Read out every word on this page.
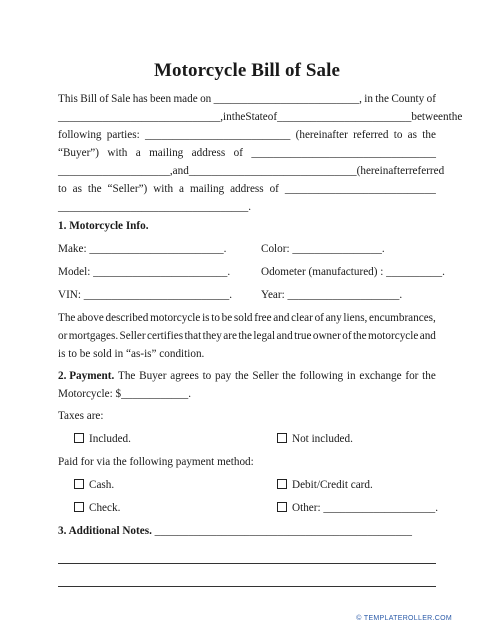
Motorcycle Bill of Sale
This Bill of Sale has been made on __________________________, in the County of
_____________________________, in the State of ________________________ between the
following parties: __________________________ (hereinafter referred to as the
“Buyer”) with a mailing address of _________________________________
____________________, and ______________________________ (hereinafter referred
to as the “Seller”) with a mailing address of ___________________________
__________________________________.
1. Motorcycle Info.
Make: ________________________.	Color: ________________.
Model: ________________________.	Odometer (manufactured) : __________.
VIN: __________________________.	Year: ____________________.
The above described motorcycle is to be sold free and clear of any liens, encumbrances,
or mortgages. Seller certifies that they are the legal and true owner of the motorcycle and
is to be sold in “as-is” condition.
2. Payment. The Buyer agrees to pay the Seller the following in exchange for the
Motorcycle: $____________.
Taxes are:
Included.	Not included.
Paid for via the following payment method:
Cash.	Debit/Credit card.
Check.	Other: ____________________.
3. Additional Notes. ______________________________________________
© TEMPLATEROLLER.COM
